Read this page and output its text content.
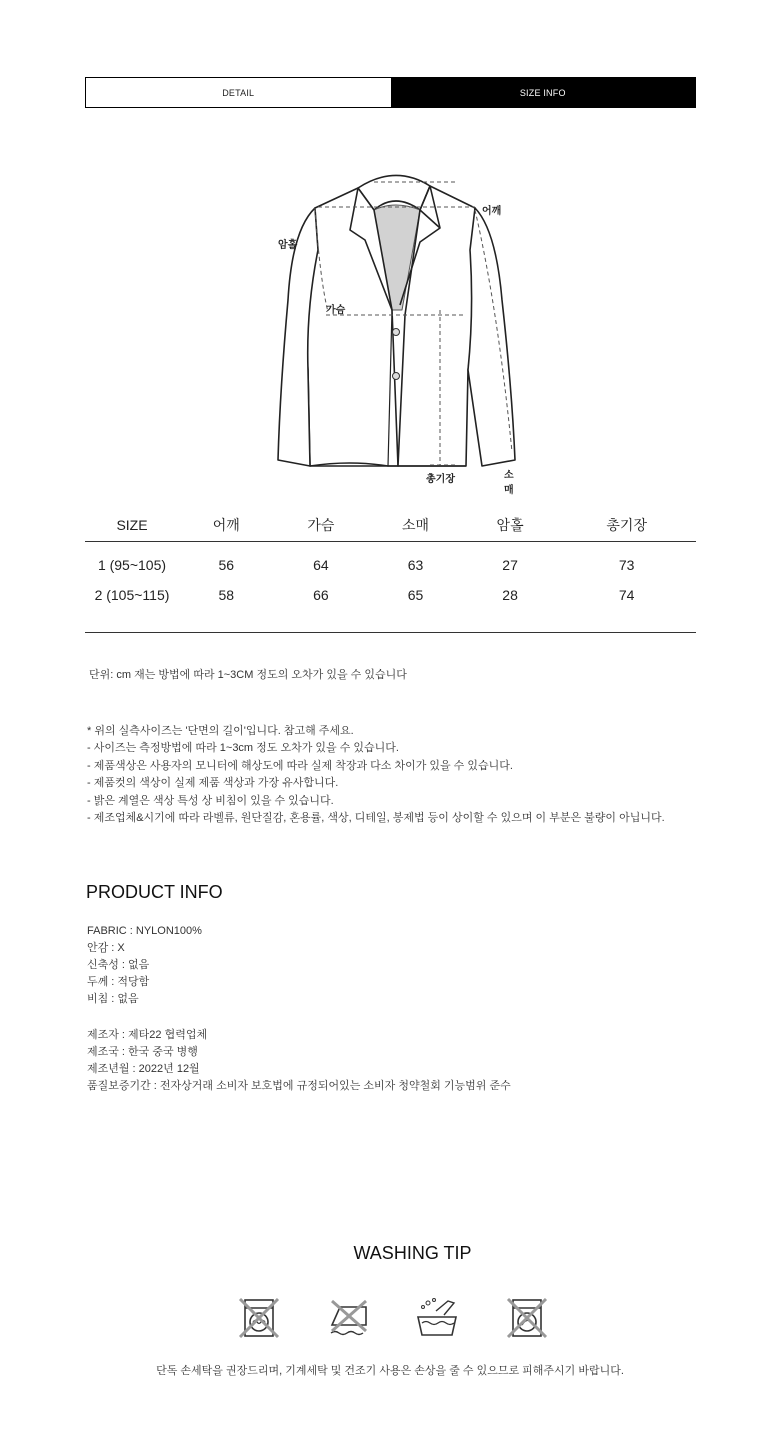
DETAIL	SIZE INFO
어깨
암홀
가슴
총기장	소매
SIZE	어깨	가슴	소매	암홀	총기장

1 (95~105)	56	64	63	27	73
2 (105~115)	58	66	65	28	74
단위: cm 재는 방법에 따라 1~3CM 정도의 오차가 있을 수 있습니다
* 위의 실측사이즈는 '단면의 길이'입니다. 참고해 주세요.
- 사이즈는 측정방법에 따라 1~3cm 정도 오차가 있을 수 있습니다.
- 제품색상은 사용자의 모니터에 해상도에 따라 실제 착장과 다소 차이가 있을 수 있습니다.
- 제품컷의 색상이 실제 제품 색상과 가장 유사합니다.
- 밝은 계열은 색상 특성 상 비침이 있을 수 있습니다.
- 제조업체&시기에 따라 라벨류, 원단질감, 혼용률, 색상, 디테일, 봉제법 등이 상이할 수 있으며 이 부분은 불량이 아닙니다.
PRODUCT INFO
FABRIC : NYLON100%
안감 : X
신축성 : 없음
두께 : 적당함
비침 : 없음
제조자 : 제타22 협력업체
제조국 : 한국 중국 병행
제조년월 : 2022년 12월
품질보증기간 : 전자상거래 소비자 보호법에 규정되어있는 소비자 청약철회 기능범위 준수
WASHING TIP
단독 손세탁을 권장드리며, 기계세탁 및 건조기 사용은 손상을 줄 수 있으므로 피해주시기 바랍니다.
